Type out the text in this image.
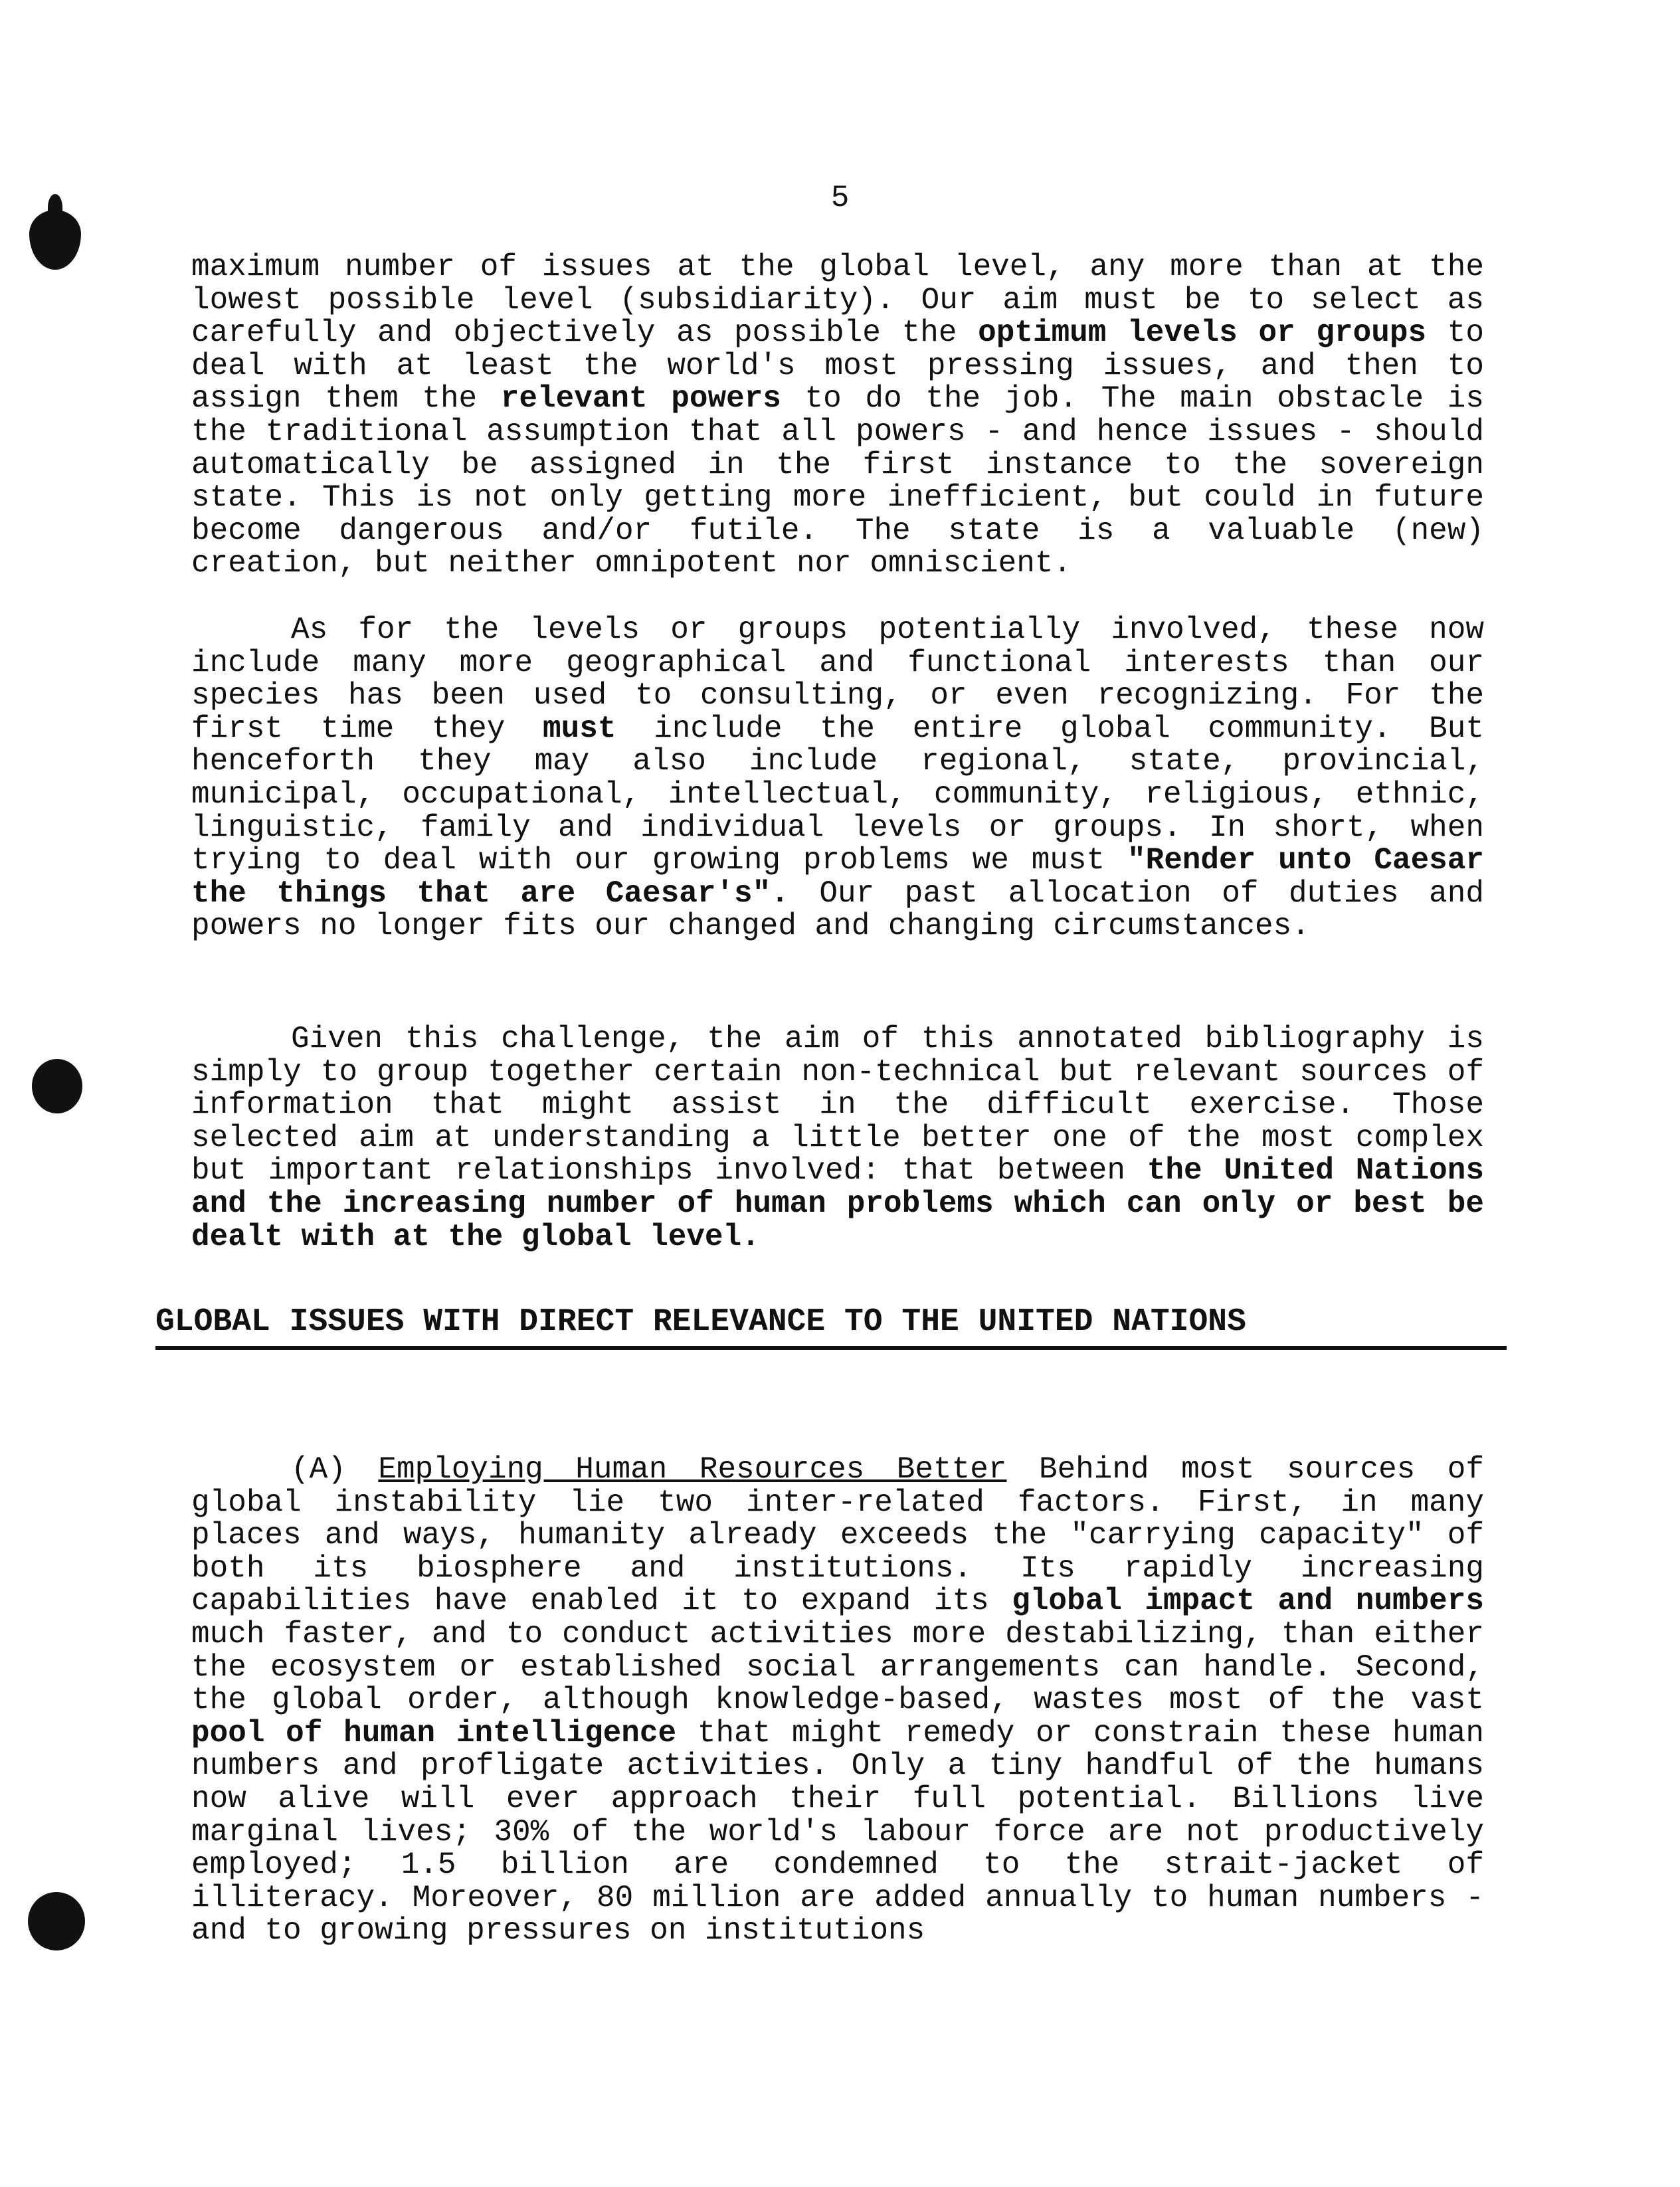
5

maximum number of issues at the global level, any more than at the lowest possible level (subsidiarity). Our aim must be to select as carefully and objectively as possible the optimum levels or groups to deal with at least the world's most pressing issues, and then to assign them the relevant powers to do the job. The main obstacle is the traditional assumption that all powers - and hence issues - should automatically be assigned in the first instance to the sovereign state. This is not only getting more inefficient, but could in future become dangerous and/or futile. The state is a valuable (new) creation, but neither omnipotent nor omniscient.

As for the levels or groups potentially involved, these now include many more geographical and functional interests than our species has been used to consulting, or even recognizing. For the first time they must include the entire global community. But henceforth they may also include regional, state, provincial, municipal, occupational, intellectual, community, religious, ethnic, linguistic, family and individual levels or groups. In short, when trying to deal with our growing problems we must "Render unto Caesar the things that are Caesar's". Our past allocation of duties and powers no longer fits our changed and changing circumstances.

Given this challenge, the aim of this annotated bibliography is simply to group together certain non-technical but relevant sources of information that might assist in the difficult exercise. Those selected aim at understanding a little better one of the most complex but important relationships involved: that between the United Nations and the increasing number of human problems which can only or best be dealt with at the global level.

GLOBAL ISSUES WITH DIRECT RELEVANCE TO THE UNITED NATIONS

(A) Employing Human Resources Better Behind most sources of global instability lie two inter-related factors. First, in many places and ways, humanity already exceeds the "carrying capacity" of both its biosphere and institutions. Its rapidly increasing capabilities have enabled it to expand its global impact and numbers much faster, and to conduct activities more destabilizing, than either the ecosystem or established social arrangements can handle. Second, the global order, although knowledge-based, wastes most of the vast pool of human intelligence that might remedy or constrain these human numbers and profligate activities. Only a tiny handful of the humans now alive will ever approach their full potential. Billions live marginal lives; 30% of the world's labour force are not productively employed; 1.5 billion are condemned to the strait-jacket of illiteracy. Moreover, 80 million are added annually to human numbers -and to growing pressures on institutions
